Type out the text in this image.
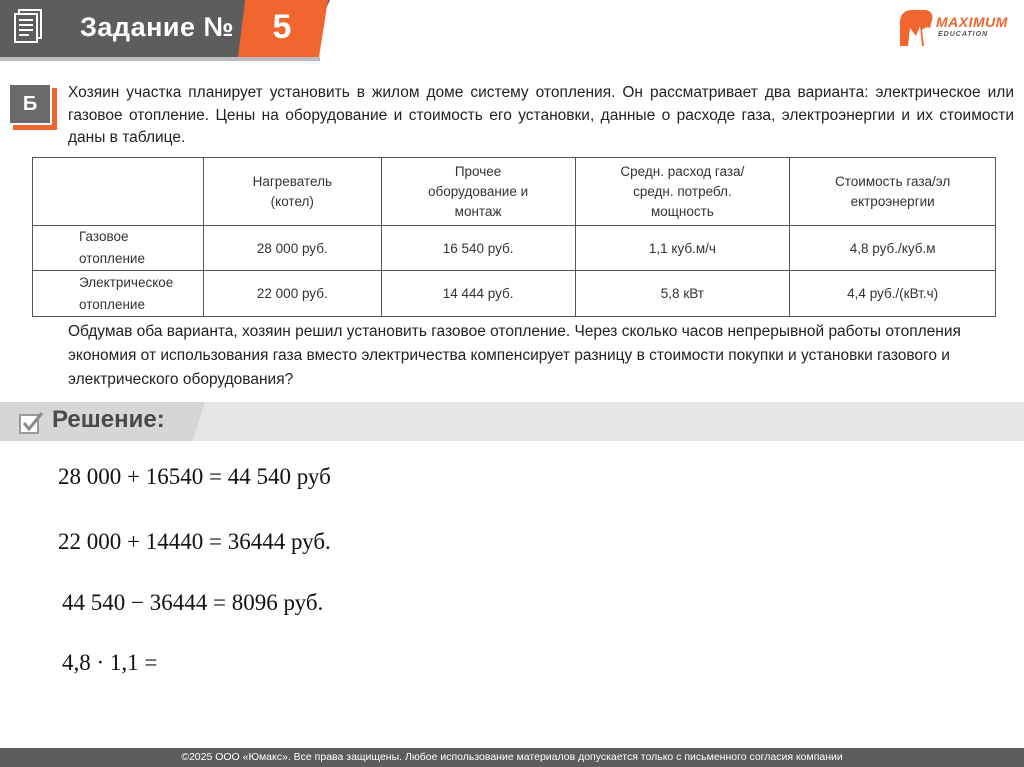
Задание №	5	MAXIMUM
EDUCATION
Б
Хозяин участка планирует установить в жилом доме систему отопления. Он рассматривает два варианта: электрическое или газовое отопление. Цены на оборудование и стоимость его установки, данные о расходе газа, электроэнергии и их стоимости даны в таблице.

	Нагреватель (котел)	Прочее оборудование и монтаж	Средн. расход газа/средн. потребл. мощность	Стоимость газа/электроэнергии

Газовое отопление	28 000 руб.	16 540 руб.	1,1 куб.м/ч	4,8 руб./куб.м
Электрическое отопление	22 000 руб.	14 444 руб.	5,8 кВт	4,4 руб./(кВт.ч)
Обдумав оба варианта, хозяин решил установить газовое отопление. Через сколько часов непрерывной работы отопления экономия от использования газа вместо электричества компенсирует разницу в стоимости покупки и установки газового и электрического оборудования?
Решение:
28 000 + 16540 = 44 540 руб
22 000 + 14440 = 36444 руб.
44 540 − 36444 = 8096 руб.
4,8 · 1,1 =
©2025 ООО «Юмакс». Все права защищены. Любое использование материалов допускается только с письменного согласия компании
